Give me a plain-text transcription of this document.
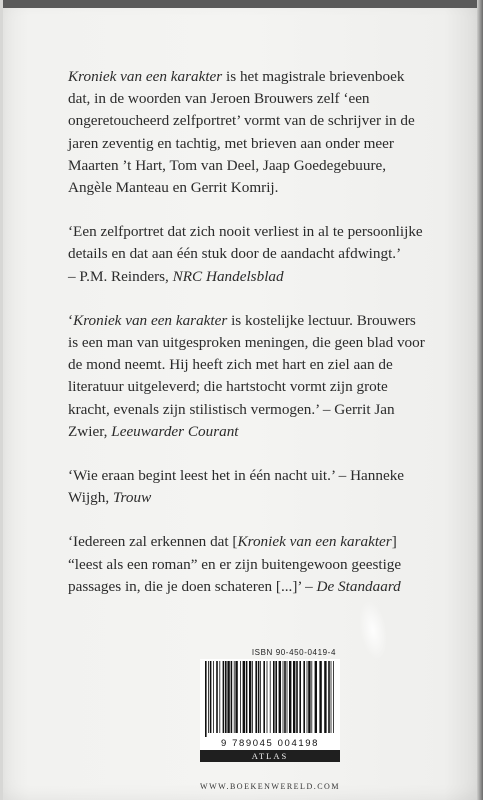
Kroniek van een karakter is het magistrale brievenboek dat, in de woorden van Jeroen Brouwers zelf ‘een ongeretoucheerd zelfportret’ vormt van de schrijver in de jaren zeventig en tachtig, met brieven aan onder meer Maarten ’t Hart, Tom van Deel, Jaap Goedegebuure, Angèle Manteau en Gerrit Komrij.

‘Een zelfportret dat zich nooit verliest in al te persoonlijke details en dat aan één stuk door de aandacht afdwingt.’
– P.M. Reinders, NRC Handelsblad

‘Kroniek van een karakter is kostelijke lectuur. Brouwers is een man van uitgesproken meningen, die geen blad voor de mond neemt. Hij heeft zich met hart en ziel aan de literatuur uitgeleverd; die hartstocht vormt zijn grote kracht, evenals zijn stilistisch vermogen.’ – Gerrit Jan Zwier, Leeuwarder Courant

‘Wie eraan begint leest het in één nacht uit.’ – Hanneke Wijgh, Trouw

‘Iedereen zal erkennen dat [Kroniek van een karakter] “leest als een roman” en er zijn buitengewoon geestige passages in, die je doen schateren [...]’ – De Standaard

ISBN 90-450-0419-4
9 789045 004198
ATLAS
WWW.BOEKENWERELD.COM
